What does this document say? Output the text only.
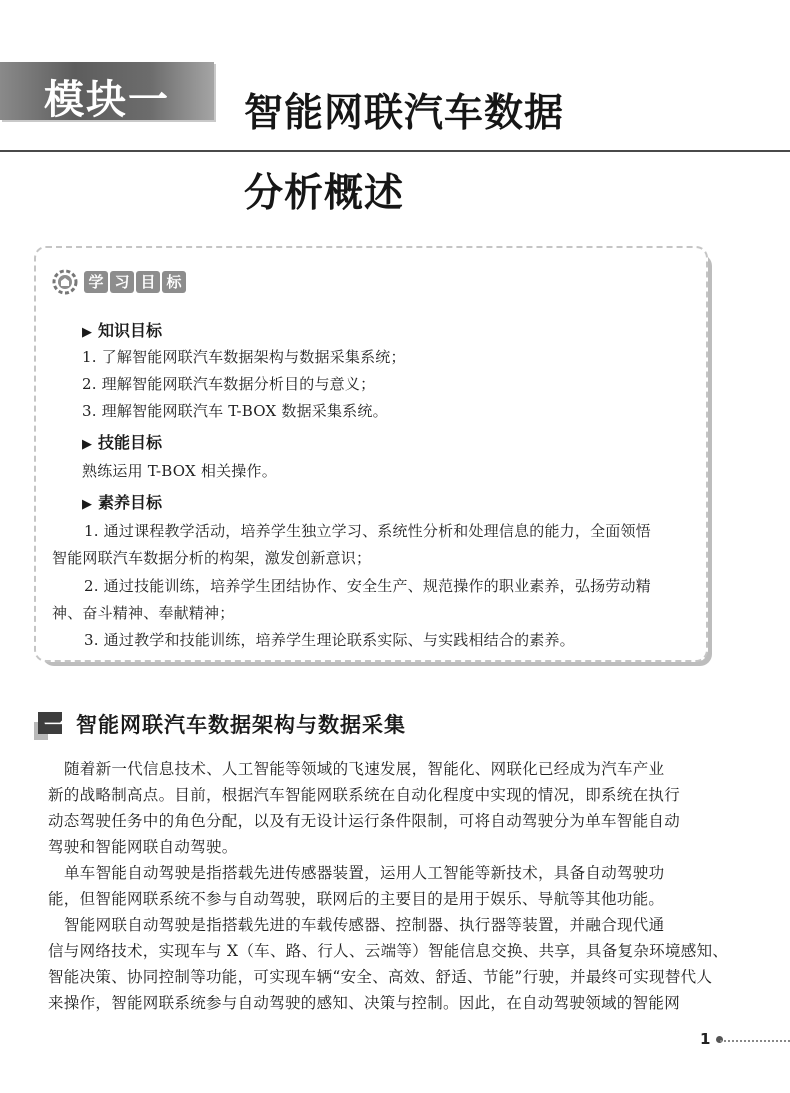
模块一 智能网联汽车数据
分析概述
学 习 目 标
▶ 知识目标
1. 了解智能网联汽车数据架构与数据采集系统；
2. 理解智能网联汽车数据分析目的与意义；
3. 理解智能网联汽车 T-BOX 数据采集系统。
▶ 技能目标
熟练运用 T-BOX 相关操作。
▶ 素养目标
1. 通过课程教学活动，培养学生独立学习、系统性分析和处理信息的能力，全面领悟
智能网联汽车数据分析的构架，激发创新意识；
2. 通过技能训练，培养学生团结协作、安全生产、规范操作的职业素养，弘扬劳动精
神、奋斗精神、奉献精神；
3. 通过教学和技能训练，培养学生理论联系实际、与实践相结合的素养。
一 智能网联汽车数据架构与数据采集
随着新一代信息技术、人工智能等领域的飞速发展，智能化、网联化已经成为汽车产业
新的战略制高点。目前，根据汽车智能网联系统在自动化程度中实现的情况，即系统在执行
动态驾驶任务中的角色分配，以及有无设计运行条件限制，可将自动驾驶分为单车智能自动
驾驶和智能网联自动驾驶。
单车智能自动驾驶是指搭载先进传感器装置，运用人工智能等新技术，具备自动驾驶功
能，但智能网联系统不参与自动驾驶，联网后的主要目的是用于娱乐、导航等其他功能。
智能网联自动驾驶是指搭载先进的车载传感器、控制器、执行器等装置，并融合现代通
信与网络技术，实现车与 X（车、路、行人、云端等）智能信息交换、共享，具备复杂环境感知、
智能决策、协同控制等功能，可实现车辆“安全、高效、舒适、节能”行驶，并最终可实现替代人
来操作，智能网联系统参与自动驾驶的感知、决策与控制。因此，在自动驾驶领域的智能网
1
